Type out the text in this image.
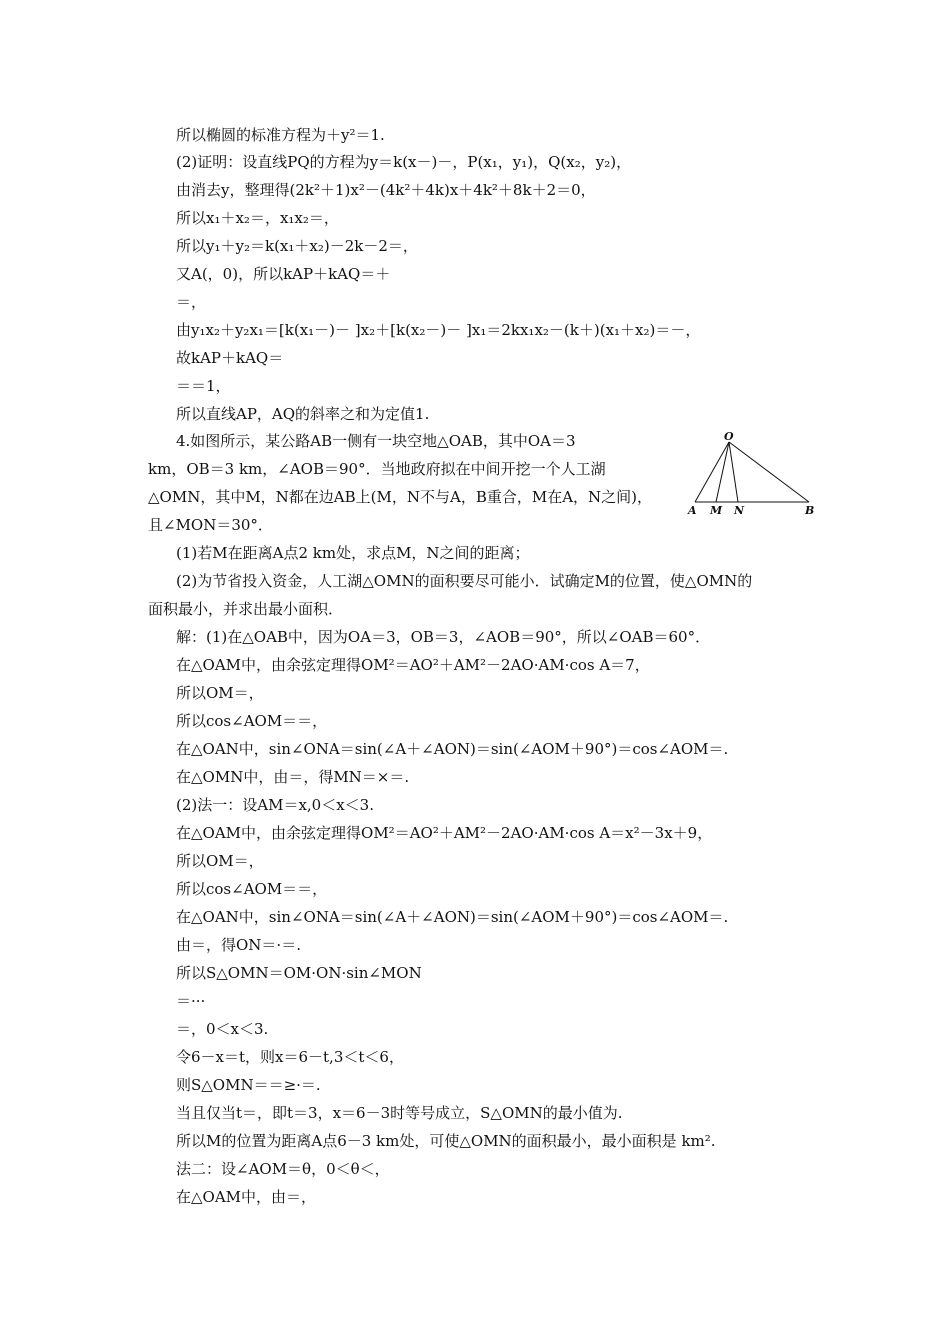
所以椭圆的标准方程为＋y²＝1.
(2)证明：设直线PQ的方程为y＝k(x－)－，P(x₁，y₁)，Q(x₂，y₂)，
由消去y，整理得(2k²＋1)x²－(4k²＋4k)x＋4k²＋8k＋2＝0，
所以x₁＋x₂＝，x₁x₂＝，
所以y₁＋y₂＝k(x₁＋x₂)－2k－2＝，
又A(，0)，所以kAP＋kAQ＝＋
＝，
由y₁x₂＋y₂x₁＝[k(x₁－)－ ]x₂＋[k(x₂－)－ ]x₁＝2kx₁x₂－(k＋)(x₁＋x₂)＝－，
故kAP＋kAQ＝
＝＝1，
所以直线AP，AQ的斜率之和为定值1.
4.如图所示，某公路AB一侧有一块空地△OAB，其中OA＝3
km，OB＝3 km，∠AOB＝90°．当地政府拟在中间开挖一个人工湖
△OMN，其中M，N都在边AB上(M，N不与A，B重合，M在A，N之间)，
且∠MON＝30°．
(1)若M在距离A点2 km处，求点M，N之间的距离；
(2)为节省投入资金，人工湖△OMN的面积要尽可能小．试确定M的位置，使△OMN的
面积最小，并求出最小面积．
解：(1)在△OAB中，因为OA＝3，OB＝3，∠AOB＝90°，所以∠OAB＝60°．
在△OAM中，由余弦定理得OM²＝AO²＋AM²－2AO·AM·cos A＝7，
所以OM＝，
所以cos∠AOM＝＝，
在△OAN中，sin∠ONA＝sin(∠A＋∠AON)＝sin(∠AOM＋90°)＝cos∠AOM＝.
在△OMN中，由＝，得MN＝×＝.
(2)法一：设AM＝x,0＜x＜3.
在△OAM中，由余弦定理得OM²＝AO²＋AM²－2AO·AM·cos A＝x²－3x＋9，
所以OM＝，
所以cos∠AOM＝＝，
在△OAN中，sin∠ONA＝sin(∠A＋∠AON)＝sin(∠AOM＋90°)＝cos∠AOM＝.
由＝，得ON＝·＝.
所以S△OMN＝OM·ON·sin∠MON
＝···
＝，0＜x＜3.
令6－x＝t，则x＝6－t,3＜t＜6，
则S△OMN＝＝≥·＝.
当且仅当t＝，即t＝3，x＝6－3时等号成立，S△OMN的最小值为.
所以M的位置为距离A点6－3 km处，可使△OMN的面积最小，最小面积是 km².
法二：设∠AOM＝θ，0＜θ＜，
在△OAM中，由＝，
O
A M N	B
